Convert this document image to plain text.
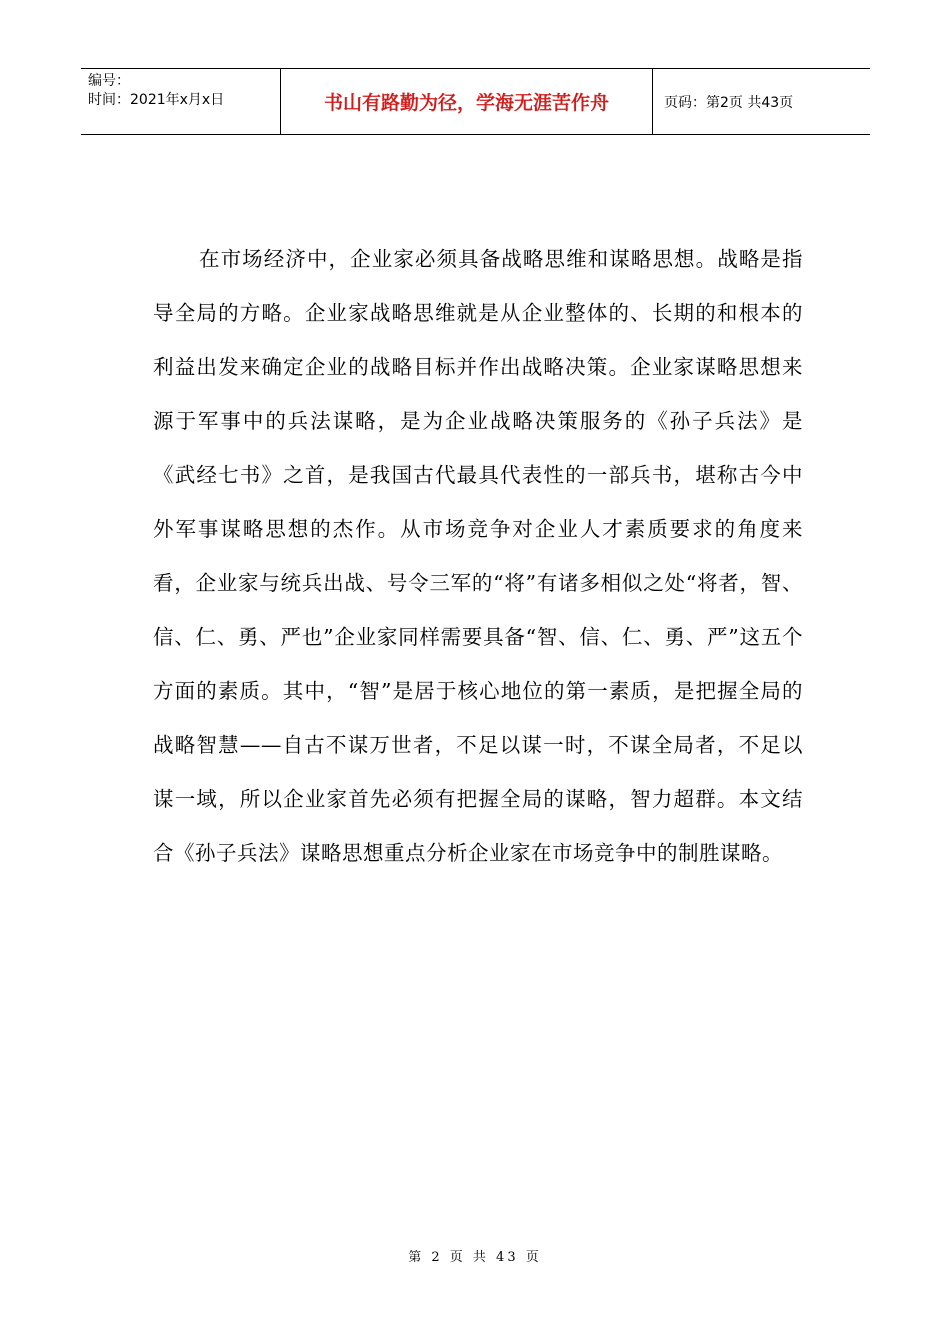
编号：
时间：2021年x月x日	书山有路勤为径，学海无涯苦作舟	页码：第2页 共43页

在市场经济中，企业家必须具备战略思维和谋略思想。战略是指导全局的方略。企业家战略思维就是从企业整体的、长期的和根本的利益出发来确定企业的战略目标并作出战略决策。企业家谋略思想来源于军事中的兵法谋略，是为企业战略决策服务的《孙子兵法》是《武经七书》之首，是我国古代最具代表性的一部兵书，堪称古今中外军事谋略思想的杰作。从市场竞争对企业人才素质要求的角度来看，企业家与统兵出战、号令三军的“将”有诸多相似之处“将者，智、信、仁、勇、严也”企业家同样需要具备“智、信、仁、勇、严”这五个方面的素质。其中，“智”是居于核心地位的第一素质，是把握全局的战略智慧——自古不谋万世者，不足以谋一时，不谋全局者，不足以谋一域，所以企业家首先必须有把握全局的谋略，智力超群。本文结合《孙子兵法》谋略思想重点分析企业家在市场竞争中的制胜谋略。

第 2 页 共 43 页
